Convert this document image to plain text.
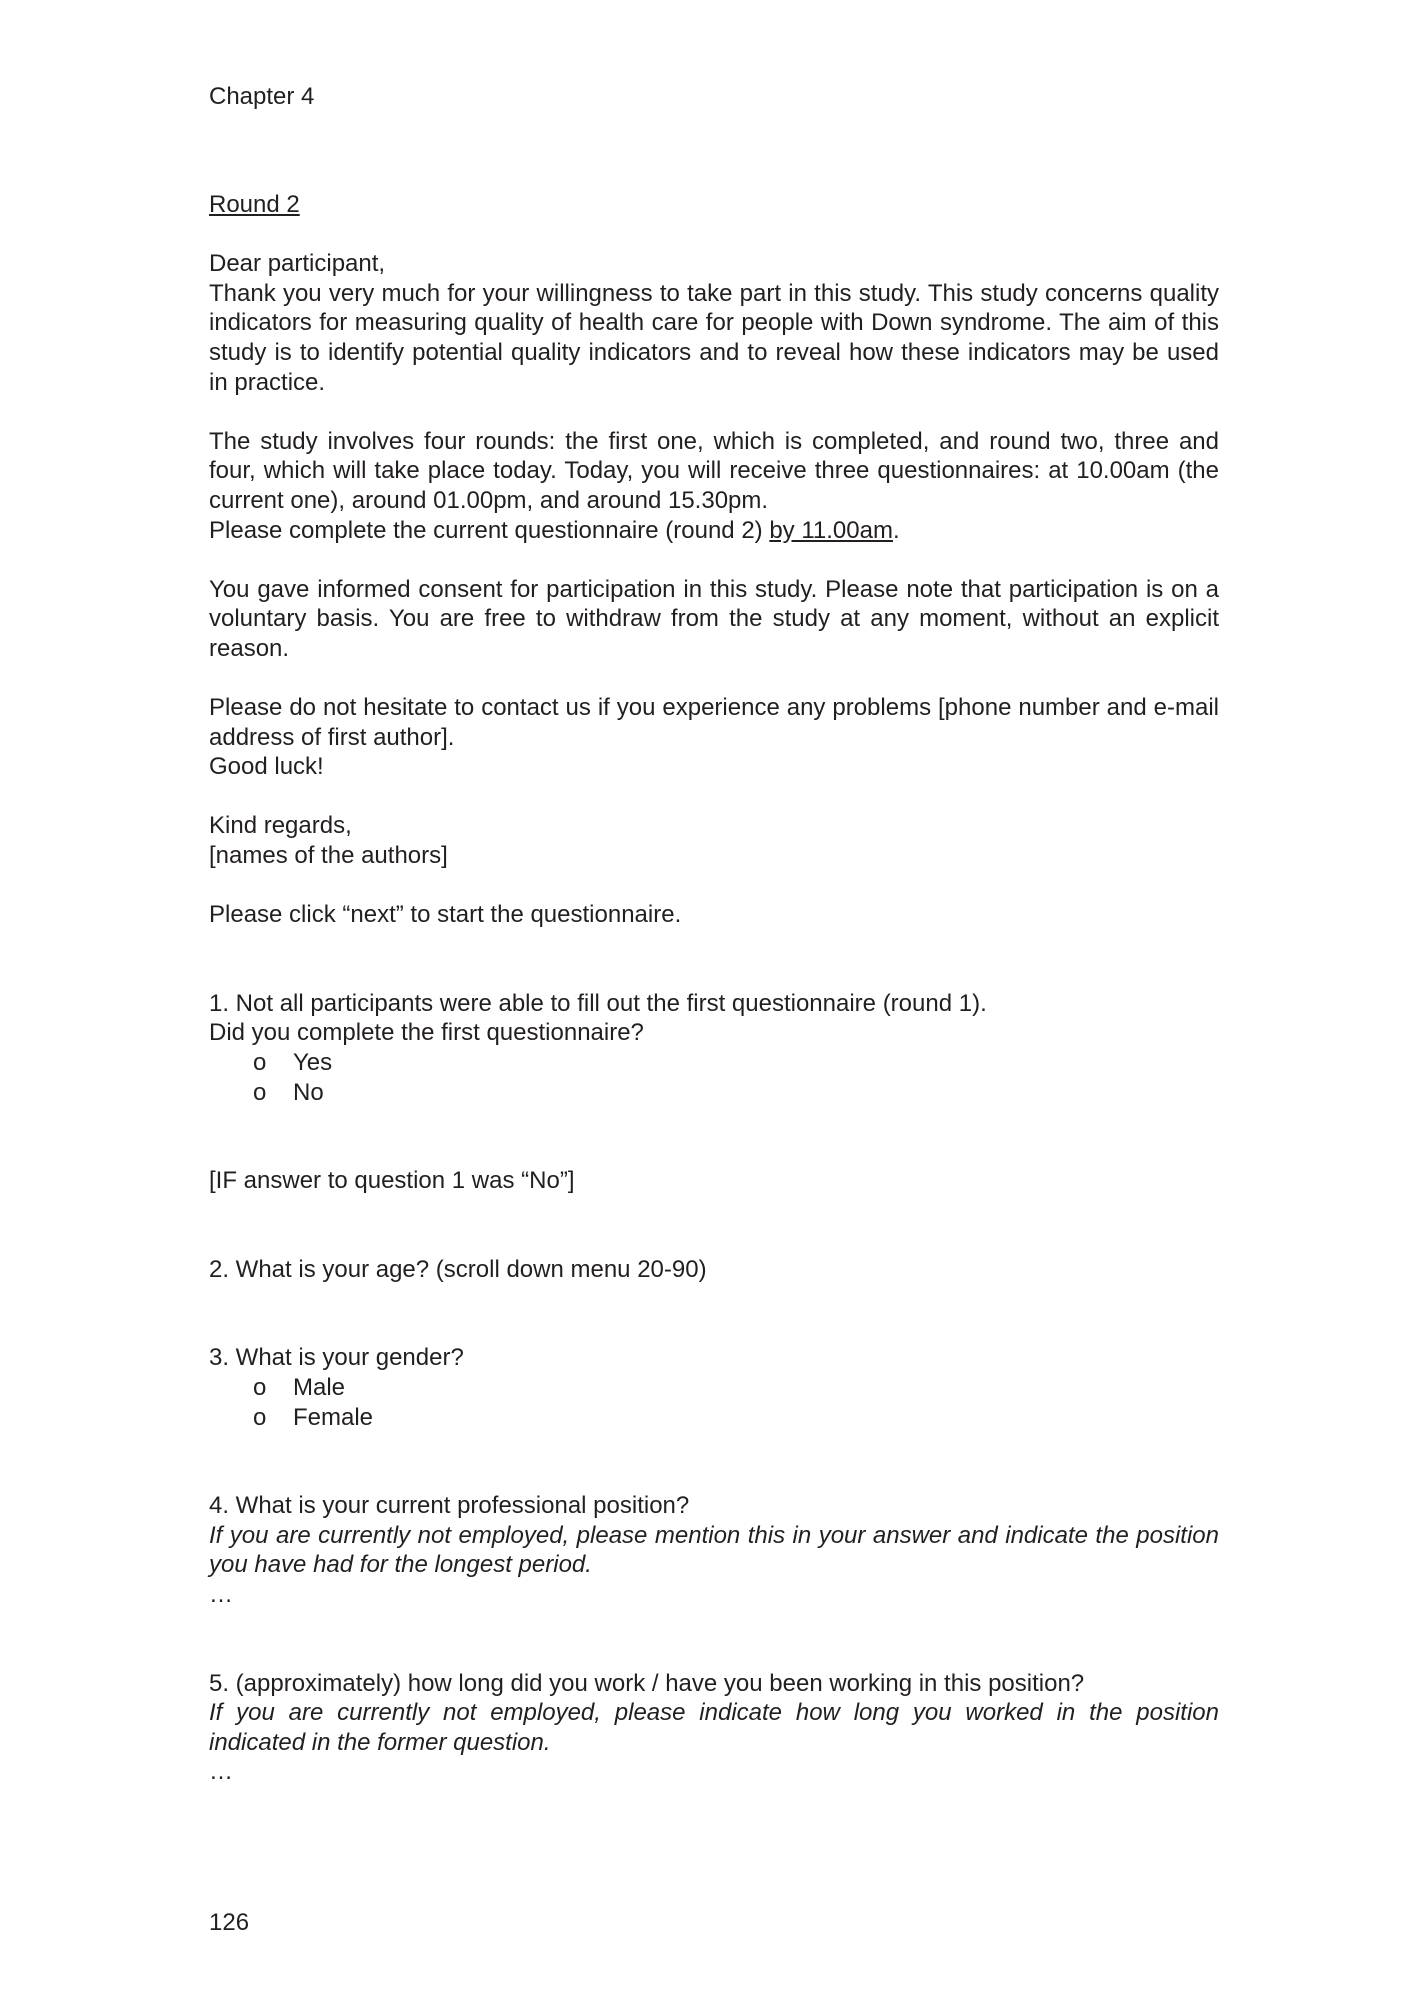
Chapter 4

Round 2

Dear participant,

Thank you very much for your willingness to take part in this study. This study concerns quality indicators for measuring quality of health care for people with Down syndrome. The aim of this study is to identify potential quality indicators and to reveal how these indicators may be used in practice.

The study involves four rounds: the first one, which is completed, and round two, three and four, which will take place today. Today, you will receive three questionnaires: at 10.00am (the current one), around 01.00pm, and around 15.30pm.

Please complete the current questionnaire (round 2) by 11.00am.

You gave informed consent for participation in this study. Please note that participation is on a voluntary basis. You are free to withdraw from the study at any moment, without an explicit reason.

Please do not hesitate to contact us if you experience any problems [phone number and e-mail address of first author].

Good luck!

Kind regards,

[names of the authors]

Please click “next” to start the questionnaire.

1. Not all participants were able to fill out the first questionnaire (round 1).

Did you complete the first questionnaire?

o	Yes
o	No

[IF answer to question 1 was “No”]

2. What is your age? (scroll down menu 20-90)

3. What is your gender?

o	Male
o	Female

4. What is your current professional position?

If you are currently not employed, please mention this in your answer and indicate the position you have had for the longest period.

…

5. (approximately) how long did you work / have you been working in this position?

If you are currently not employed, please indicate how long you worked in the position indicated in the former question.

…

126
